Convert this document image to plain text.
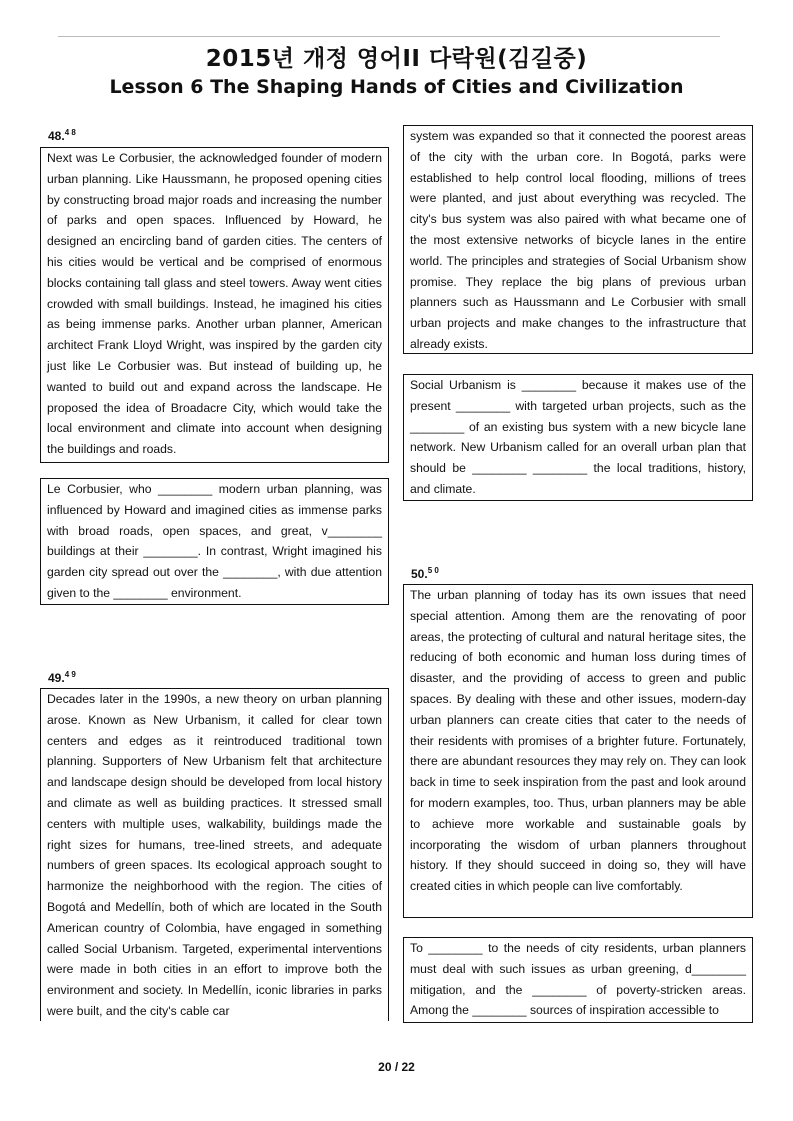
2015년 개정 영어II 다락원(김길중)
Lesson 6 The Shaping Hands of Cities and Civilization
48.$^{4 8}$
Next was Le Corbusier, the acknowledged founder of modern urban planning. Like Haussmann, he proposed opening cities by constructing broad major roads and increasing the number of parks and open spaces. Influenced by Howard, he designed an encircling band of garden cities. The centers of his cities would be vertical and be comprised of enormous blocks containing tall glass and steel towers. Away went cities crowded with small buildings. Instead, he imagined his cities as being immense parks. Another urban planner, American architect Frank Lloyd Wright, was inspired by the garden city just like Le Corbusier was. But instead of building up, he wanted to build out and expand across the landscape. He proposed the idea of Broadacre City, which would take the local environment and climate into account when designing the buildings and roads.
Le Corbusier, who ________ modern urban planning, was influenced by Howard and imagined cities as immense parks with broad roads, open spaces, and great, v________ buildings at their ________. In contrast, Wright imagined his garden city spread out over the ________, with due attention given to the ________ environment.
49.$^{4 9}$
Decades later in the 1990s, a new theory on urban planning arose. Known as New Urbanism, it called for clear town centers and edges as it reintroduced traditional town planning. Supporters of New Urbanism felt that architecture and landscape design should be developed from local history and climate as well as building practices. It stressed small centers with multiple uses, walkability, buildings made the right sizes for humans, tree-lined streets, and adequate numbers of green spaces. Its ecological approach sought to harmonize the neighborhood with the region. The cities of Bogotá and Medellín, both of which are located in the South American country of Colombia, have engaged in something called Social Urbanism. Targeted, experimental interventions were made in both cities in an effort to improve both the environment and society. In Medellín, iconic libraries in parks were built, and the city's cable car
system was expanded so that it connected the poorest areas of the city with the urban core. In Bogotá, parks were established to help control local flooding, millions of trees were planted, and just about everything was recycled. The city's bus system was also paired with what became one of the most extensive networks of bicycle lanes in the entire world. The principles and strategies of Social Urbanism show promise. They replace the big plans of previous urban planners such as Haussmann and Le Corbusier with small urban projects and make changes to the infrastructure that already exists.
Social Urbanism is ________ because it makes use of the present ________ with targeted urban projects, such as the ________ of an existing bus system with a new bicycle lane network. New Urbanism called for an overall urban plan that should be ________ ________ the local traditions, history, and climate.
50.$^{5 0}$
The urban planning of today has its own issues that need special attention. Among them are the renovating of poor areas, the protecting of cultural and natural heritage sites, the reducing of both economic and human loss during times of disaster, and the providing of access to green and public spaces. By dealing with these and other issues, modern-day urban planners can create cities that cater to the needs of their residents with promises of a brighter future. Fortunately, there are abundant resources they may rely on. They can look back in time to seek inspiration from the past and look around for modern examples, too. Thus, urban planners may be able to achieve more workable and sustainable goals by incorporating the wisdom of urban planners throughout history. If they should succeed in doing so, they will have created cities in which people can live comfortably.
To ________ to the needs of city residents, urban planners must deal with such issues as urban greening, d________ mitigation, and the ________ of poverty-stricken areas. Among the ________ sources of inspiration accessible to
20 / 22
